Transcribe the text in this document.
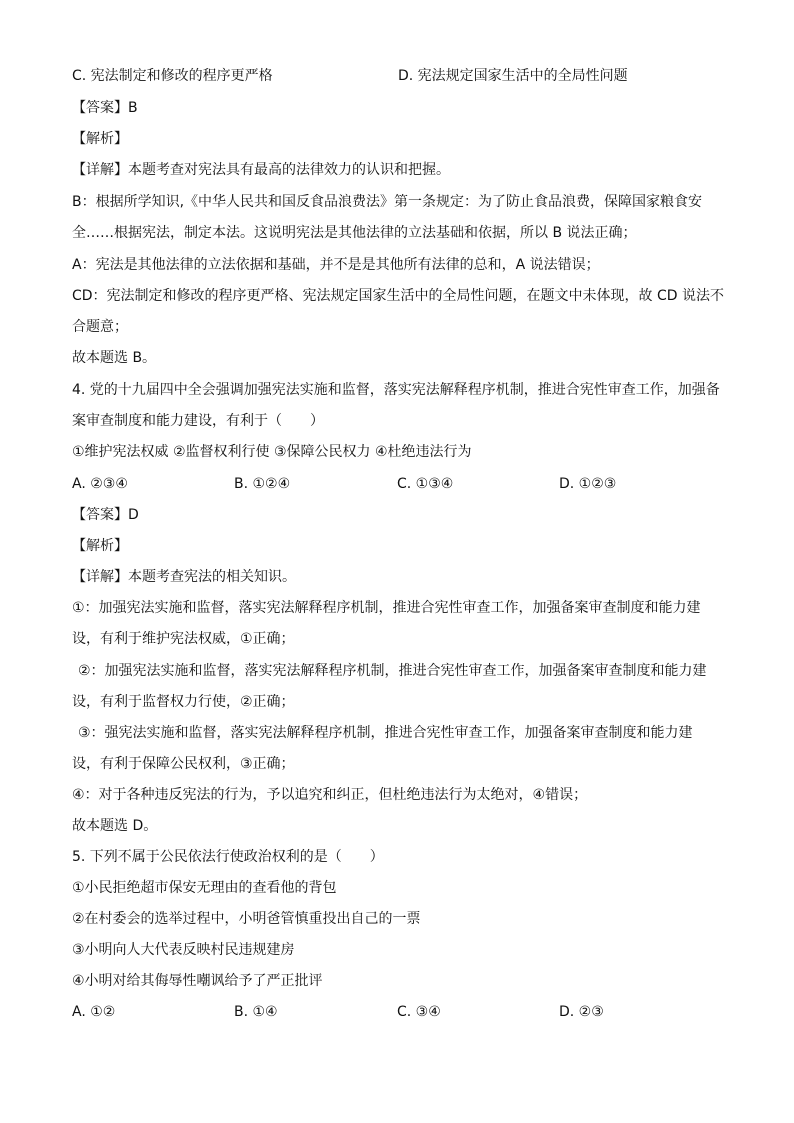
C. 宪法制定和修改的程序更严格	D. 宪法规定国家生活中的全局性问题
【答案】B
【解析】
【详解】本题考查对宪法具有最高的法律效力的认识和把握。
B：根据所学知识,《中华人民共和国反食品浪费法》第一条规定：为了防止食品浪费，保障国家粮食安
全……根据宪法，制定本法。这说明宪法是其他法律的立法基础和依据，所以 B 说法正确；
A：宪法是其他法律的立法依据和基础，并不是是其他所有法律的总和，A 说法错误；
CD：宪法制定和修改的程序更严格、宪法规定国家生活中的全局性问题，在题文中未体现，故 CD 说法不
合题意；
故本题选 B。
4. 党的十九届四中全会强调加强宪法实施和监督，落实宪法解释程序机制，推进合宪性审查工作，加强备
案审查制度和能力建设，有利于（　　）
①维护宪法权威 ②监督权利行使 ③保障公民权力 ④杜绝违法行为
A. ②③④	B. ①②④	C. ①③④	D. ①②③
【答案】D
【解析】
【详解】本题考查宪法的相关知识。
①：加强宪法实施和监督，落实宪法解释程序机制，推进合宪性审查工作，加强备案审查制度和能力建
设，有利于维护宪法权威，①正确；
②：加强宪法实施和监督，落实宪法解释程序机制，推进合宪性审查工作，加强备案审查制度和能力建
设，有利于监督权力行使，②正确；
③：强宪法实施和监督，落实宪法解释程序机制，推进合宪性审查工作，加强备案审查制度和能力建
设，有利于保障公民权利，③正确；
④：对于各种违反宪法的行为，予以追究和纠正，但杜绝违法行为太绝对，④错误；
故本题选 D。
5. 下列不属于公民依法行使政治权利的是（　　）
①小民拒绝超市保安无理由的查看他的背包
②在村委会的选举过程中，小明爸管慎重投出自己的一票
③小明向人大代表反映村民违规建房
④小明对给其侮辱性嘲讽给予了严正批评
A. ①②	B. ①④	C. ③④	D. ②③
